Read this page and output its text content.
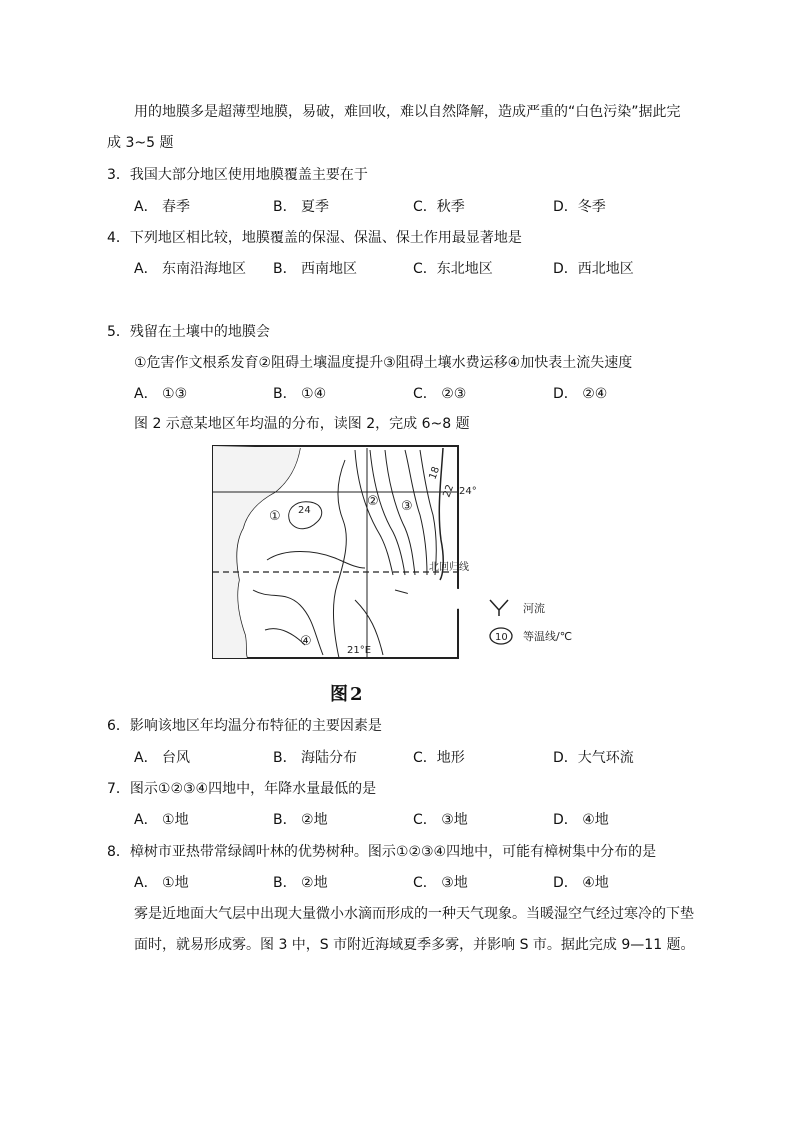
用的地膜多是超薄型地膜，易破，难回收，难以自然降解，造成严重的“白色污染”据此完
成 3~5 题
3．我国大部分地区使用地膜覆盖主要在于
A． 春季	B． 夏季	C．秋季	D．冬季
4．下列地区相比较，地膜覆盖的保湿、保温、保土作用最显著地是
A． 东南沿海地区 B． 西南地区	C．东北地区	D．西北地区
5．残留在土壤中的地膜会
①危害作文根系发育②阻碍土壤温度提升③阻碍土壤水费运移④加快表土流失速度
A． ①③	B． ①④	C． ②③	D． ②④
图 2 示意某地区年均温的分布，读图 2，完成 6~8 题
24
18
22 24°
北回归线
21°E
①
② ③
④
河流
10 等温线/℃
图2
6．影响该地区年均温分布特征的主要因素是
A． 台风	B． 海陆分布	C．地形	D．大气环流
7．图示①②③④四地中，年降水量最低的是
A． ①地	B． ②地	C． ③地	D． ④地
8．樟树市亚热带常绿阔叶林的优势树种。图示①②③④四地中，可能有樟树集中分布的是
A． ①地	B． ②地	C． ③地	D． ④地
雾是近地面大气层中出现大量微小水滴而形成的一种天气现象。当暖湿空气经过寒冷的下垫
面时，就易形成雾。图 3 中，S 市附近海域夏季多雾，并影响 S 市。据此完成 9—11 题。
